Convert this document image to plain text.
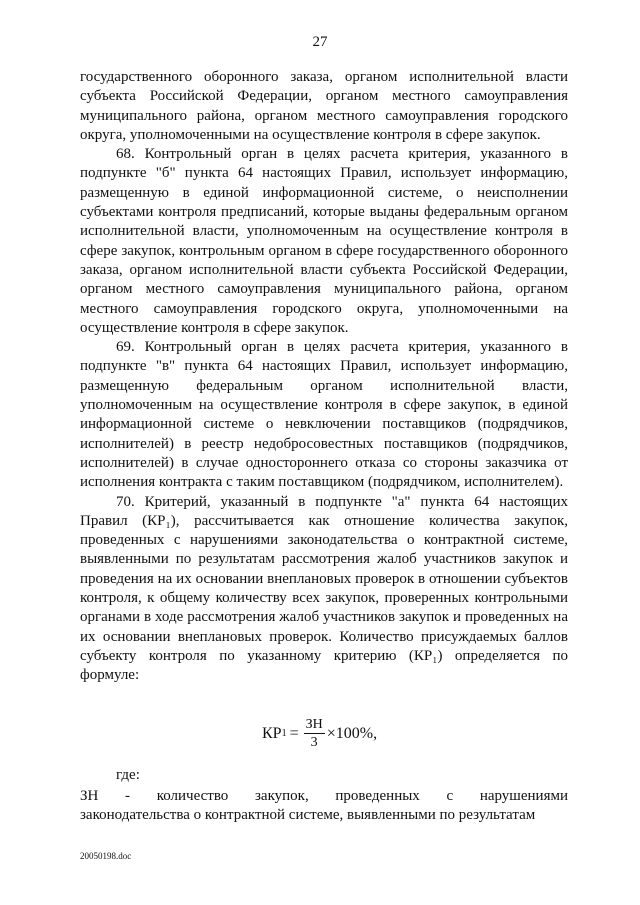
27

государственного оборонного заказа, органом исполнительной власти субъекта Российской Федерации, органом местного самоуправления муниципального района, органом местного самоуправления городского округа, уполномоченными на осуществление контроля в сфере закупок.

68. Контрольный орган в целях расчета критерия, указанного в подпункте "б" пункта 64 настоящих Правил, использует информацию, размещенную в единой информационной системе, о неисполнении субъектами контроля предписаний, которые выданы федеральным органом исполнительной власти, уполномоченным на осуществление контроля в сфере закупок, контрольным органом в сфере государственного оборонного заказа, органом исполнительной власти субъекта Российской Федерации, органом местного самоуправления муниципального района, органом местного самоуправления городского округа, уполномоченными на осуществление контроля в сфере закупок.

69. Контрольный орган в целях расчета критерия, указанного в подпункте "в" пункта 64 настоящих Правил, использует информацию, размещенную федеральным органом исполнительной власти, уполномоченным на осуществление контроля в сфере закупок, в единой информационной системе о невключении поставщиков (подрядчиков, исполнителей) в реестр недобросовестных поставщиков (подрядчиков, исполнителей) в случае одностороннего отказа со стороны заказчика от исполнения контракта с таким поставщиком (подрядчиком, исполнителем).

70. Критерий, указанный в подпункте "а" пункта 64 настоящих Правил (КР₁), рассчитывается как отношение количества закупок, проведенных с нарушениями законодательства о контрактной системе, выявленными по результатам рассмотрения жалоб участников закупок и проведения на их основании внеплановых проверок в отношении субъектов контроля, к общему количеству всех закупок, проверенных контрольными органами в ходе рассмотрения жалоб участников закупок и проведенных на их основании внеплановых проверок. Количество присуждаемых баллов субъекту контроля по указанному критерию (КР₁) определяется по формуле:

КР $1 = \frac{ЗН}{3} \times 100\%$,
где:

ЗН - количество закупок, проведенных с нарушениями

законодательства о контрактной системе, выявленными по результатам

20050198.doc
